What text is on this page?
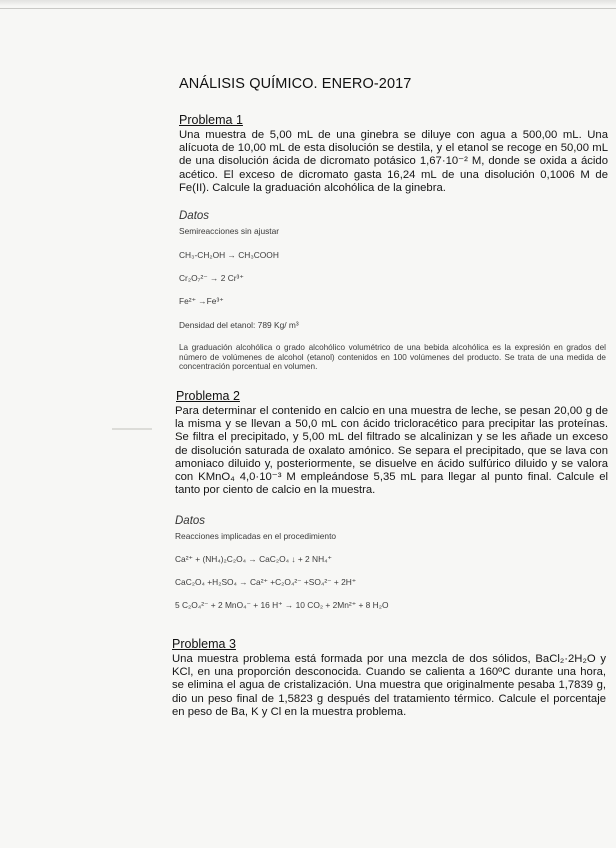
ANÁLISIS QUÍMICO. ENERO-2017
Problema 1
Una muestra de 5,00 mL de una ginebra se diluye con agua a 500,00 mL. Una alícuota de 10,00 mL de esta disolución se destila, y el etanol se recoge en 50,00 mL de una disolución ácida de dicromato potásico 1,67·10⁻² M, donde se oxida a ácido acético. El exceso de dicromato gasta 16,24 mL de una disolución 0,1006 M de Fe(II). Calcule la graduación alcohólica de la ginebra.
Datos
Semireacciones sin ajustar
CH₃-CH₂OH → CH₃COOH
Cr₂O₇²⁻ → 2 Cr³⁺
Fe²⁺ →Fe³⁺
Densidad del etanol: 789 Kg/ m³
La graduación alcohólica o grado alcohólico volumétrico de una bebida alcohólica es la expresión en grados del número de volúmenes de alcohol (etanol) contenidos en 100 volúmenes del producto. Se trata de una medida de concentración porcentual en volumen.
Problema 2
Para determinar el contenido en calcio en una muestra de leche, se pesan 20,00 g de la misma y se llevan a 50,0 mL con ácido tricloracético para precipitar las proteínas. Se filtra el precipitado, y 5,00 mL del filtrado se alcalinizan y se les añade un exceso de disolución saturada de oxalato amónico. Se separa el precipitado, que se lava con amoniaco diluido y, posteriormente, se disuelve en ácido sulfúrico diluido y se valora con KMnO₄ 4,0·10⁻³ M empleándose 5,35 mL para llegar al punto final. Calcule el tanto por ciento de calcio en la muestra.
Datos
Reacciones implicadas en el procedimiento
Ca²⁺ + (NH₄)₂C₂O₄ → CaC₂O₄ ↓ + 2 NH₄⁺
CaC₂O₄ +H₂SO₄ → Ca²⁺ +C₂O₄²⁻ +SO₄²⁻ + 2H⁺
5 C₂O₄²⁻ + 2 MnO₄⁻ + 16 H⁺ → 10 CO₂ + 2Mn²⁺ + 8 H₂O
Problema 3
Una muestra problema está formada por una mezcla de dos sólidos, BaCl₂·2H₂O y KCl, en una proporción desconocida. Cuando se calienta a 160ºC durante una hora, se elimina el agua de cristalización. Una muestra que originalmente pesaba 1,7839 g, dio un peso final de 1,5823 g después del tratamiento térmico. Calcule el porcentaje en peso de Ba, K y Cl en la muestra problema.
